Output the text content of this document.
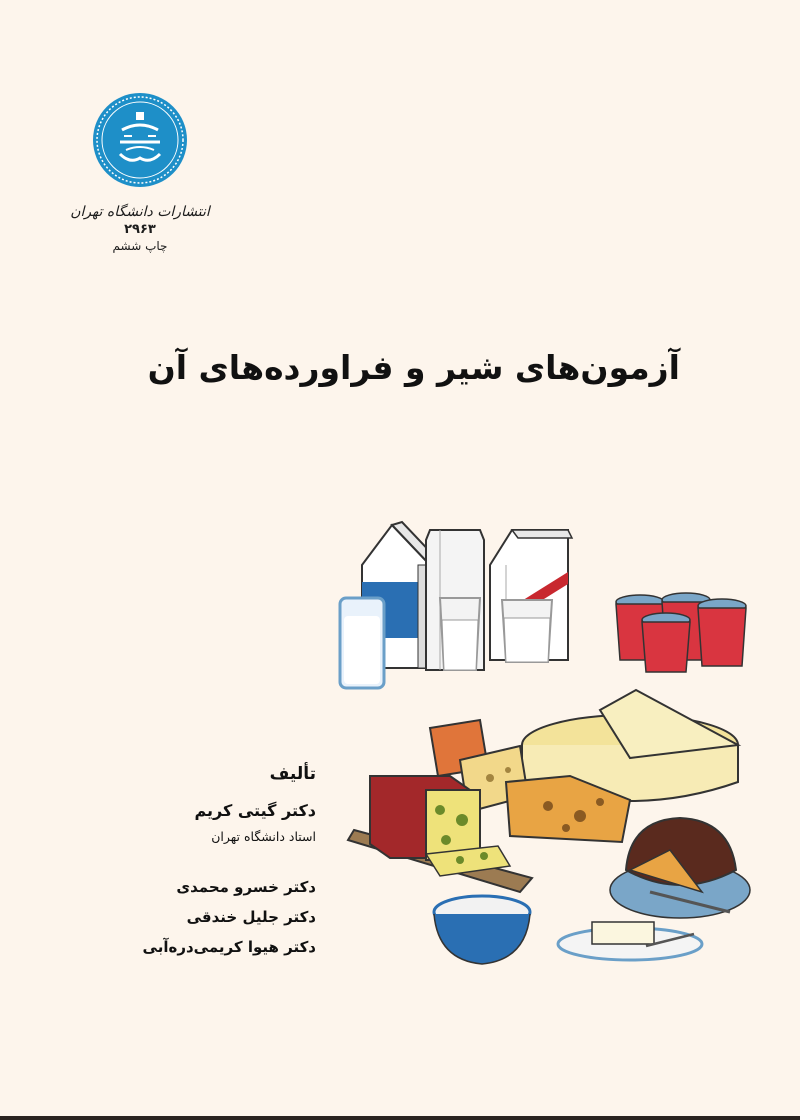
انتشارات دانشگاه تهران
۲۹۶۳
چاپ ششم
آزمون‌های شیر و فراورده‌های آن
تألیف
دکتر گیتی کریم
استاد دانشگاه تهران
دکتر خسرو محمدی
دکتر جلیل خندقی
دکتر هیوا کریمی‌دره‌آبی
